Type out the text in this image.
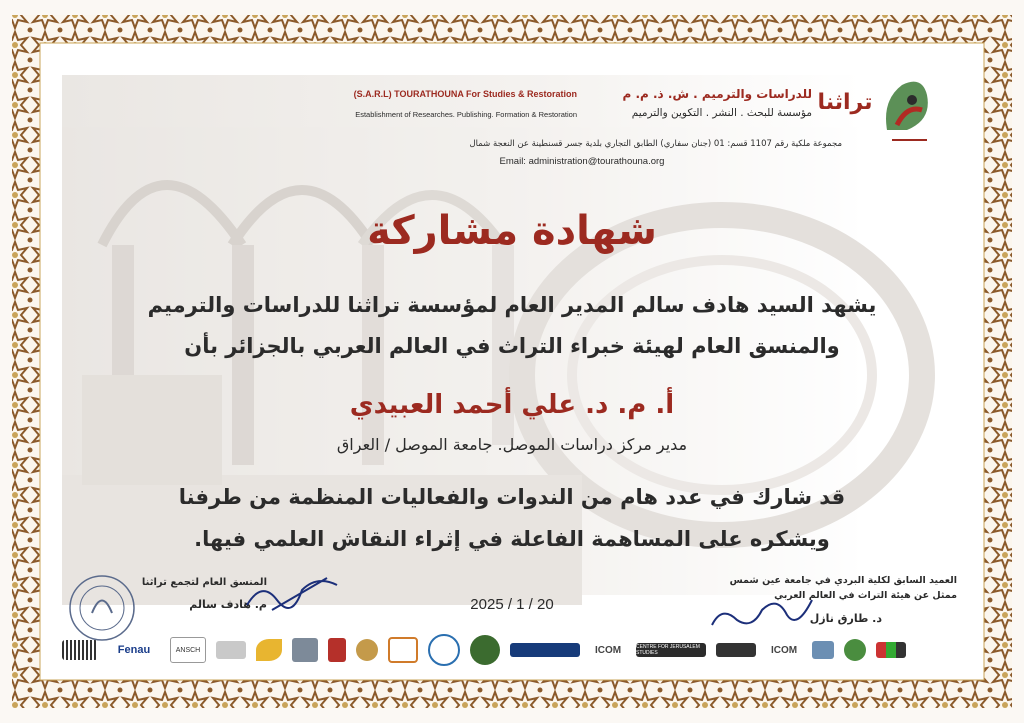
تراثنا
للدراسات والترميم . ش. ذ. م. م
مؤسسة للبحث . النشر . التكوين والترميم
(S.A.R.L) TOURATHOUNA For Studies & Restoration
Establishment of Researches. Publishing. Formation & Restoration
مجموعة ملكية رقم 1107 قسم: 01 (جنان سفاري) الطابق التجاري بلدية جسر قسنطينة عن النعجة شمال
Email: administration@tourathouna.org
شهادة مشاركة
يشهد السيد هادف سالم المدير العام لمؤسسة تراثنا للدراسات والترميم
والمنسق العام لهيئة خبراء التراث في العالم العربي بالجزائر بأن
أ. م. د. علي أحمد العبيدي
مدير مركز دراسات الموصل. جامعة الموصل / العراق
قد شارك في عدد هام من الندوات والفعاليات المنظمة من طرفنا
ويشكره على المساهمة الفاعلة في إثراء النقاش العلمي فيها.
2025 / 1 / 20
المنسق العام لتجمع تراثنا
م. هادف سالم
العميد السابق لكلية البردي في جامعة عين شمس
ممثل عن هيئة التراث في العالم العربي
د. طارق نازل
Fenau	ANSCH	ICOM	CENTRE FOR JERUSALEM STUDIES	ICOM
